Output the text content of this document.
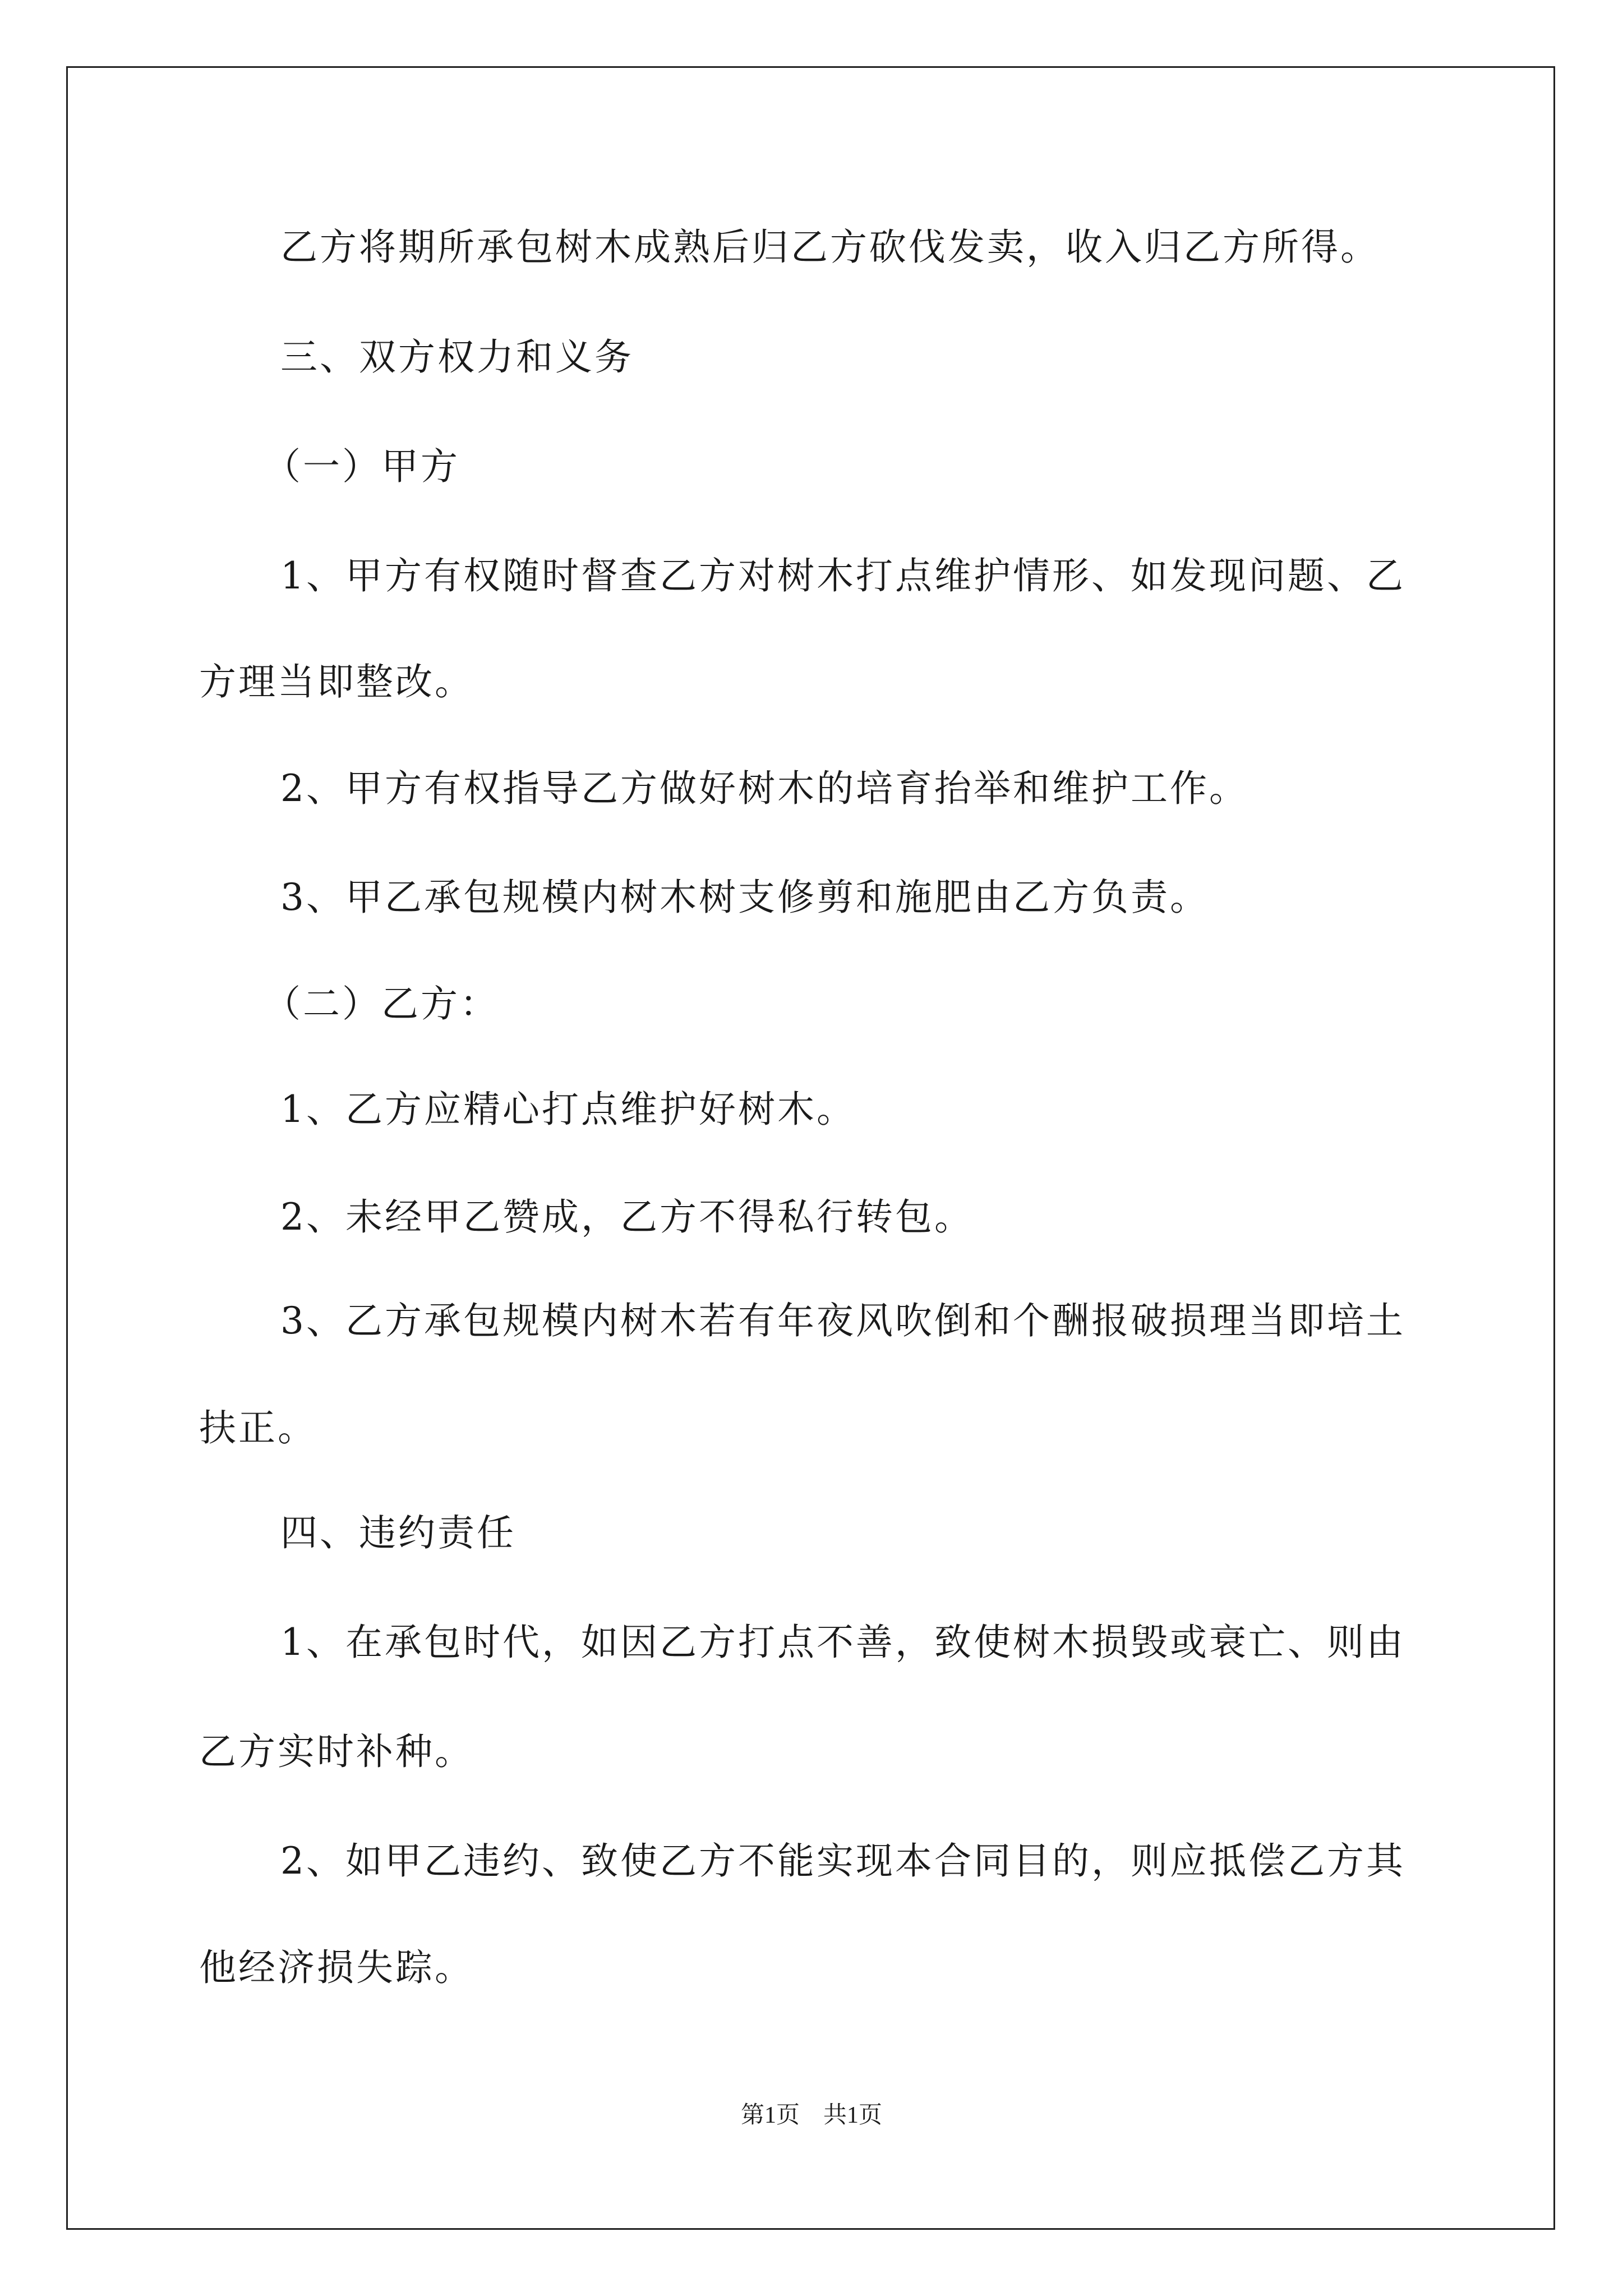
乙方将期所承包树木成熟后归乙方砍伐发卖，收入归乙方所得。
三、双方权力和义务
（一）甲方
1、甲方有权随时督查乙方对树木打点维护情形、如发现问题、乙
方理当即整改。
2、甲方有权指导乙方做好树木的培育抬举和维护工作。
3、甲乙承包规模内树木树支修剪和施肥由乙方负责。
（二）乙方：
1、乙方应精心打点维护好树木。
2、未经甲乙赞成，乙方不得私行转包。
3、乙方承包规模内树木若有年夜风吹倒和个酬报破损理当即培土
扶正。
四、违约责任
1、在承包时代，如因乙方打点不善，致使树木损毁或衰亡、则由
乙方实时补种。
2、如甲乙违约、致使乙方不能实现本合同目的，则应抵偿乙方其
他经济损失踪。
第1页　共1页
